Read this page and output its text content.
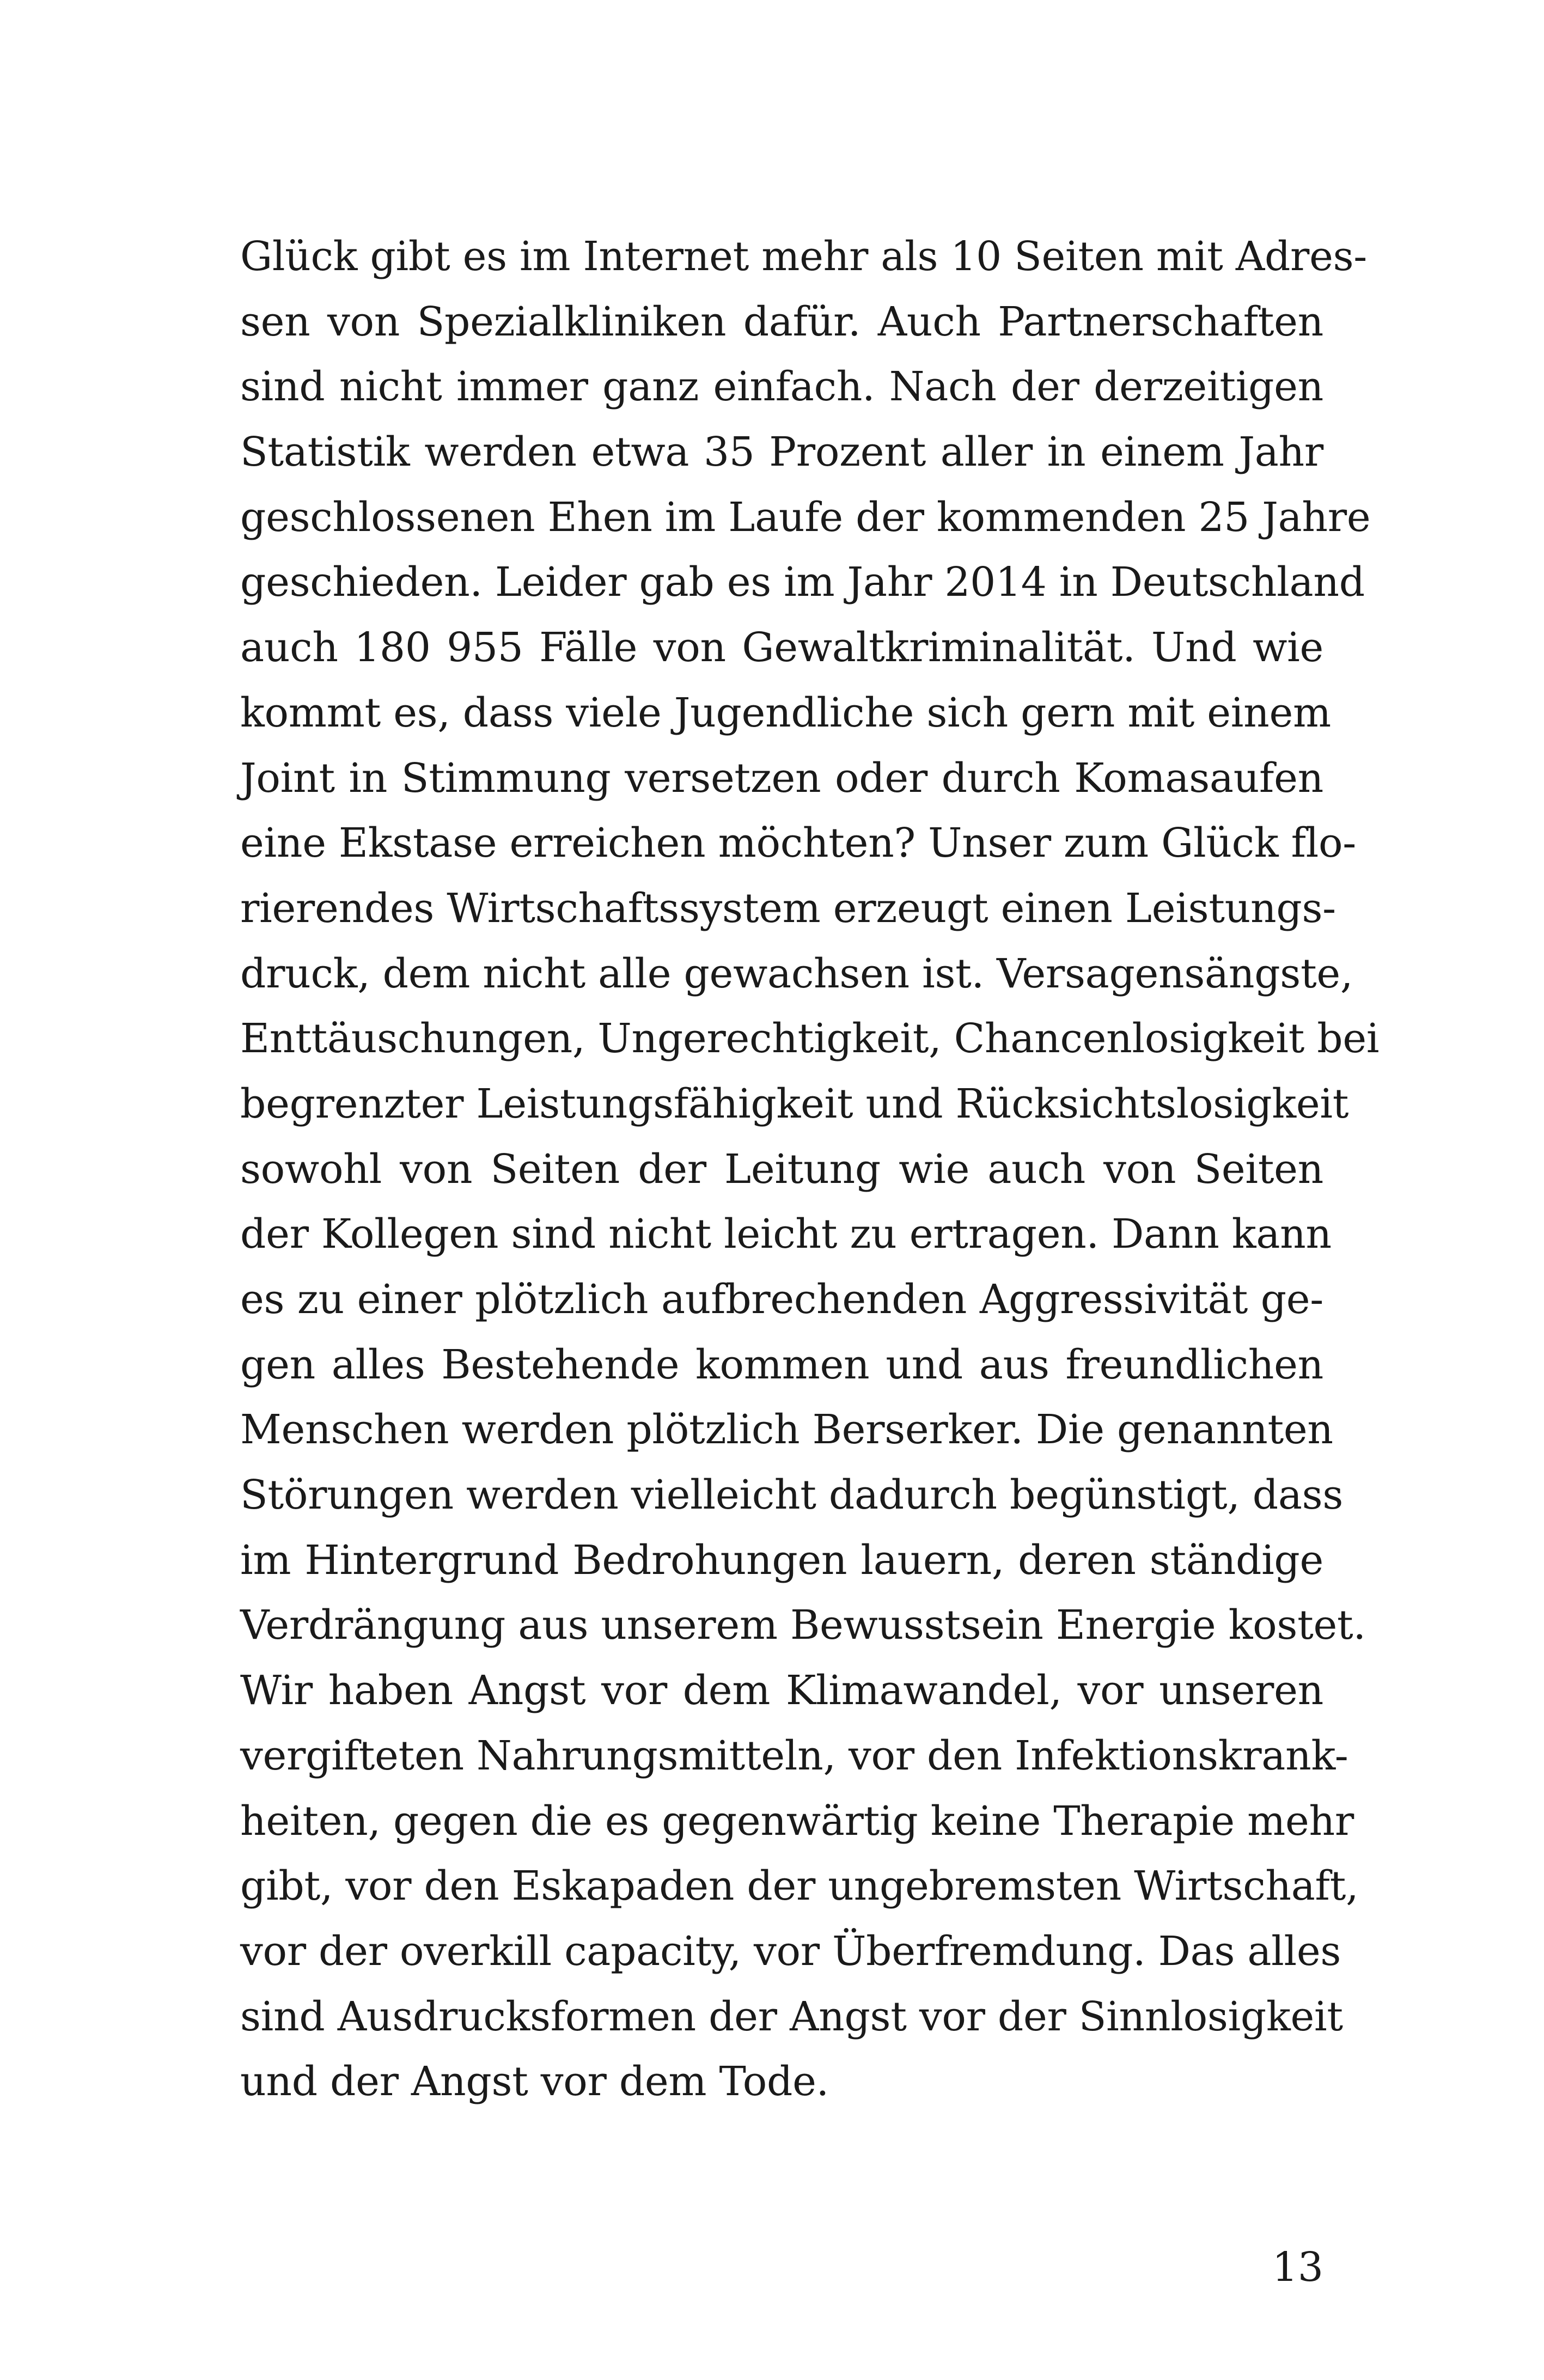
Glück gibt es im Internet mehr als 10 Seiten mit Adres-
sen von Spezialkliniken dafür. Auch Partnerschaften
sind nicht immer ganz einfach. Nach der derzeitigen
Statistik werden etwa 35 Prozent aller in einem Jahr
geschlossenen Ehen im Laufe der kommenden 25 Jahre
geschieden. Leider gab es im Jahr 2014 in Deutschland
auch 180 955 Fälle von Gewaltkriminalität. Und wie
kommt es, dass viele Jugendliche sich gern mit einem
Joint in Stimmung versetzen oder durch Komasaufen
eine Ekstase erreichen möchten? Unser zum Glück flo-
rierendes Wirtschaftssystem erzeugt einen Leistungs-
druck, dem nicht alle gewachsen ist. Versagensängste,
Enttäuschungen, Ungerechtigkeit, Chancenlosigkeit bei
begrenzter Leistungsfähigkeit und Rücksichtslosigkeit
sowohl von Seiten der Leitung wie auch von Seiten
der Kollegen sind nicht leicht zu ertragen. Dann kann
es zu einer plötzlich aufbrechenden Aggressivität ge-
gen alles Bestehende kommen und aus freundlichen
Menschen werden plötzlich Berserker. Die genannten
Störungen werden vielleicht dadurch begünstigt, dass
im Hintergrund Bedrohungen lauern, deren ständige
Verdrängung aus unserem Bewusstsein Energie kostet.
Wir haben Angst vor dem Klimawandel, vor unseren
vergifteten Nahrungsmitteln, vor den Infektionskrank-
heiten, gegen die es gegenwärtig keine Therapie mehr
gibt, vor den Eskapaden der ungebremsten Wirtschaft,
vor der overkill capacity, vor Überfremdung. Das alles
sind Ausdrucksformen der Angst vor der Sinnlosigkeit
und der Angst vor dem Tode.
13
